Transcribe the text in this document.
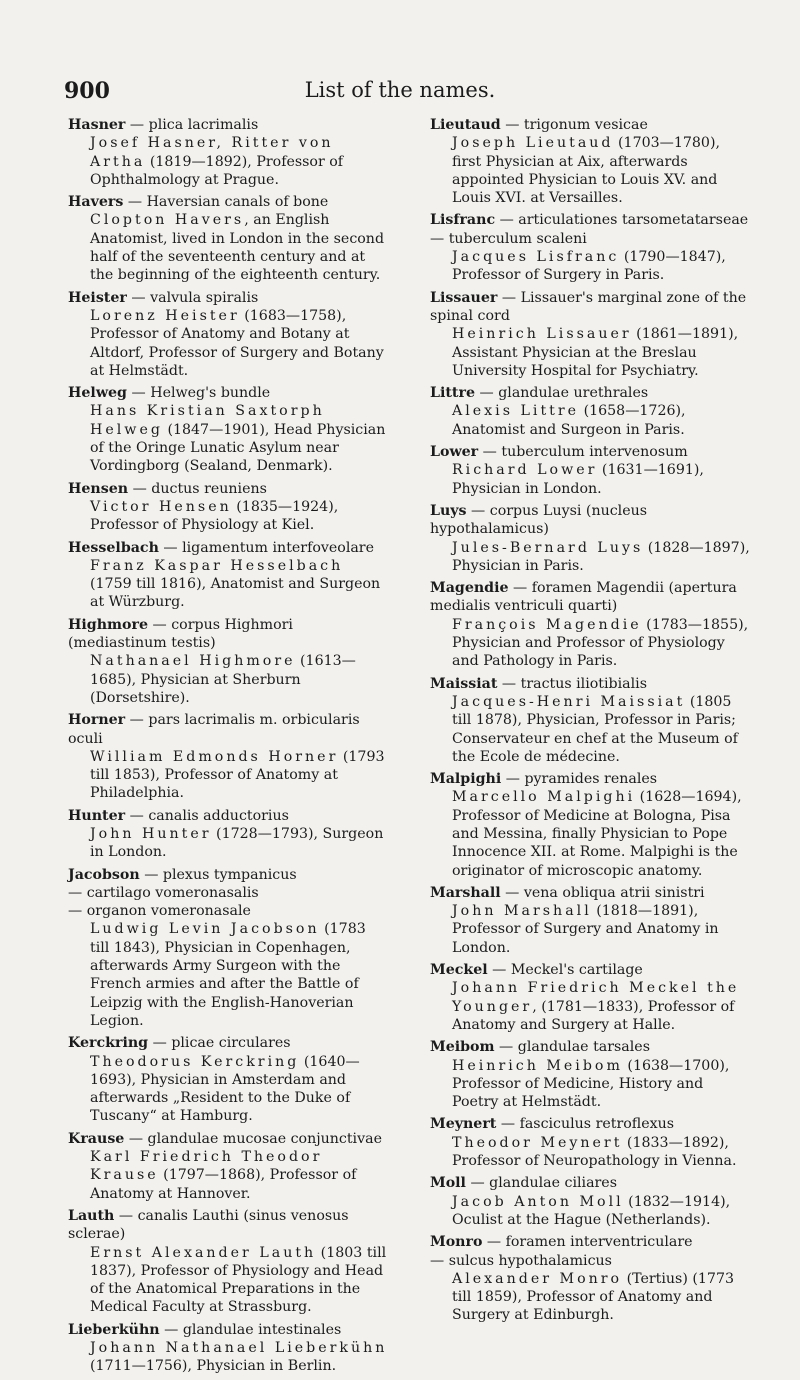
900	List of the names.

Hasner — plica lacrimalis

Josef Hasner, Ritter von Artha (1819—1892), Professor of Ophthalmology at Prague.

Havers — Haversian canals of bone

Clopton Havers, an English Anatomist, lived in London in the second half of the seventeenth century and at the beginning of the eighteenth century.

Heister — valvula spiralis

Lorenz Heister (1683—1758), Professor of Anatomy and Botany at Altdorf, Professor of Surgery and Botany at Helmstädt.

Helweg — Helweg's bundle

Hans Kristian Saxtorph Helweg (1847—1901), Head Physician of the Oringe Lunatic Asylum near Vordingborg (Sealand, Denmark).

Hensen — ductus reuniens

Victor Hensen (1835—1924), Professor of Physiology at Kiel.

Hesselbach — ligamentum interfoveolare

Franz Kaspar Hesselbach (1759 till 1816), Anatomist and Surgeon at Würzburg.

Highmore — corpus Highmori (mediastinum testis)

Nathanael Highmore (1613—1685), Physician at Sherburn (Dorsetshire).

Horner — pars lacrimalis m. orbicularis oculi

William Edmonds Horner (1793 till 1853), Professor of Anatomy at Philadelphia.

Hunter — canalis adductorius

John Hunter (1728—1793), Surgeon in London.

Jacobson — plexus tympanicus

— cartilago vomeronasalis

— organon vomeronasale

Ludwig Levin Jacobson (1783 till 1843), Physician in Copenhagen, afterwards Army Surgeon with the French armies and after the Battle of Leipzig with the English-Hanoverian Legion.

Kerckring — plicae circulares

Theodorus Kerckring (1640—1693), Physician in Amsterdam and afterwards „Resident to the Duke of Tuscany“ at Hamburg.

Krause — glandulae mucosae conjunctivae

Karl Friedrich Theodor Krause (1797—1868), Professor of Anatomy at Hannover.

Lauth — canalis Lauthi (sinus venosus sclerae)

Ernst Alexander Lauth (1803 till 1837), Professor of Physiology and Head of the Anatomical Preparations in the Medical Faculty at Strassburg.

Lieberkühn — glandulae intestinales

Johann Nathanael Lieberkühn (1711—1756), Physician in Berlin.

Lieutaud — trigonum vesicae

Joseph Lieutaud (1703—1780), first Physician at Aix, afterwards appointed Physician to Louis XV. and Louis XVI. at Versailles.

Lisfranc — articulationes tarsometatarseae

— tuberculum scaleni

Jacques Lisfranc (1790—1847), Professor of Surgery in Paris.

Lissauer — Lissauer's marginal zone of the spinal cord

Heinrich Lissauer (1861—1891), Assistant Physician at the Breslau University Hospital for Psychiatry.

Littre — glandulae urethrales

Alexis Littre (1658—1726), Anatomist and Surgeon in Paris.

Lower — tuberculum intervenosum

Richard Lower (1631—1691), Physician in London.

Luys — corpus Luysi (nucleus hypothalamicus)

Jules-Bernard Luys (1828—1897), Physician in Paris.

Magendie — foramen Magendii (apertura medialis ventriculi quarti)

François Magendie (1783—1855), Physician and Professor of Physiology and Pathology in Paris.

Maissiat — tractus iliotibialis

Jacques-Henri Maissiat (1805 till 1878), Physician, Professor in Paris; Conservateur en chef at the Museum of the Ecole de médecine.

Malpighi — pyramides renales

Marcello Malpighi (1628—1694), Professor of Medicine at Bologna, Pisa and Messina, finally Physician to Pope Innocence XII. at Rome. Malpighi is the originator of microscopic anatomy.

Marshall — vena obliqua atrii sinistri

John Marshall (1818—1891), Professor of Surgery and Anatomy in London.

Meckel — Meckel's cartilage

Johann Friedrich Meckel the Younger, (1781—1833), Professor of Anatomy and Surgery at Halle.

Meibom — glandulae tarsales

Heinrich Meibom (1638—1700), Professor of Medicine, History and Poetry at Helmstädt.

Meynert — fasciculus retroflexus

Theodor Meynert (1833—1892), Professor of Neuropathology in Vienna.

Moll — glandulae ciliares

Jacob Anton Moll (1832—1914), Oculist at the Hague (Netherlands).

Monro — foramen interventriculare

— sulcus hypothalamicus

Alexander Monro (Tertius) (1773 till 1859), Professor of Anatomy and Surgery at Edinburgh.
